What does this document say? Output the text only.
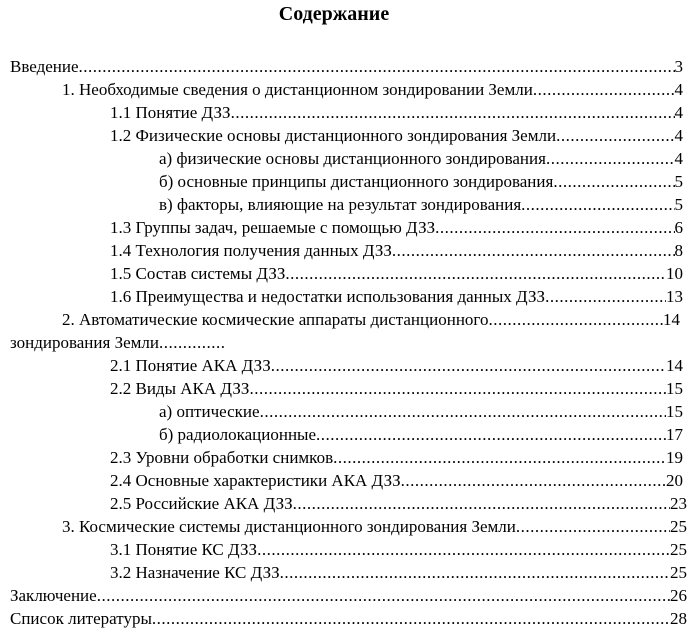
Содержание
Введение .....	3
1. Необходимые сведения о дистанционном зондировании Земли .....	4
1.1 Понятие ДЗЗ .....	4
1.2 Физические основы дистанционного зондирования Земли .....	4
а) физические основы дистанционного зондирования .....	4
б) основные принципы дистанционного зондирования .....	5
в) факторы, влияющие на результат зондирования .....	5
1.3 Группы задач, решаемые с помощью ДЗЗ .....	6
1.4 Технология получения данных ДЗЗ .....	8
1.5 Состав системы ДЗЗ .....	10
1.6 Преимущества и недостатки использования данных ДЗЗ .....	13
2. Автоматические космические аппараты дистанционного .....	14
зондирования Земли
.....
2.1 Понятие АКА ДЗЗ .....	14
2.2 Виды АКА ДЗЗ .....	15
а) оптические .....	15
б) радиолокационные .....	17
2.3 Уровни обработки снимков .....	19
2.4 Основные характеристики АКА ДЗЗ .....	20
2.5 Российские АКА ДЗЗ .....	23
3. Космические системы дистанционного зондирования Земли .....	25
3.1 Понятие КС ДЗЗ .....	25
3.2 Назначение КС ДЗЗ .....	25
Заключение .....	26
Список литературы .....	28
